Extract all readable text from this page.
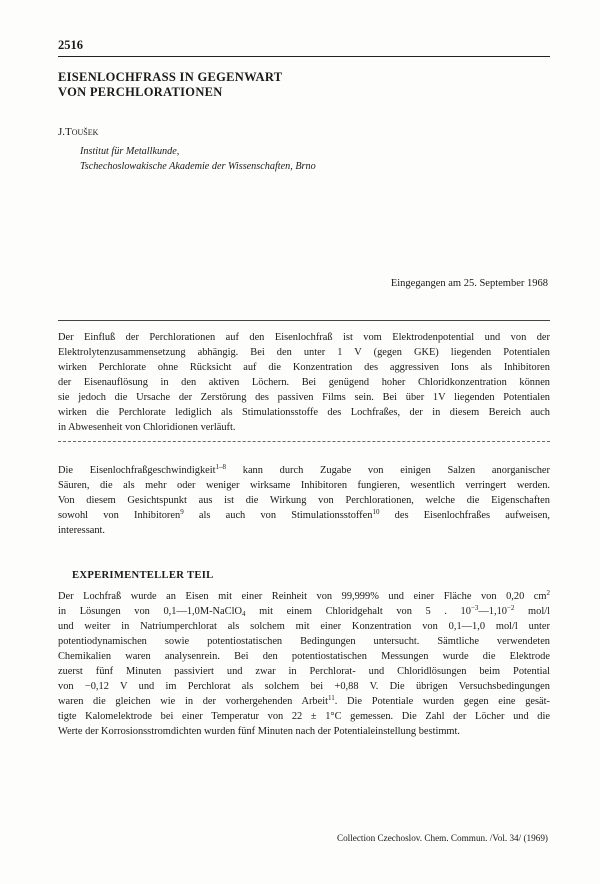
2516
EISENLOCHFRASS IN GEGENWART
VON PERCHLORATIONEN
J.Toušek
Institut für Metallkunde,
Tschechoslowakische Akademie der Wissenschaften, Brno
Eingegangen am 25. September 1968
Der Einfluß der Perchlorationen auf den Eisenlochfraß ist vom Elektrodenpotential und von der
Elektrolytenzusammensetzung abhängig. Bei den unter 1 V (gegen GKE) liegenden Potentialen
wirken Perchlorate ohne Rücksicht auf die Konzentration des aggressiven Ions als Inhibitoren
der Eisenauflösung in den aktiven Löchern. Bei genügend hoher Chloridkonzentration können
sie jedoch die Ursache der Zerstörung des passiven Films sein. Bei über 1V liegenden Potentialen
wirken die Perchlorate lediglich als Stimulationsstoffe des Lochfraßes, der in diesem Bereich auch
in Abwesenheit von Chloridionen verläuft.
Die Eisenlochfraßgeschwindigkeit$^{1-8}$ kann durch Zugabe von einigen Salzen anorganischer
Säuren, die als mehr oder weniger wirksame Inhibitoren fungieren, wesentlich verringert werden.
Von diesem Gesichtspunkt aus ist die Wirkung von Perchlorationen, welche die Eigenschaften
sowohl von Inhibitoren$^9$ als auch von Stimulationsstoffen$^{10}$ des Eisenlochfraßes aufweisen,
interessant.
EXPERIMENTELLER TEIL
Der Lochfraß wurde an Eisen mit einer Reinheit von 99,999% und einer Fläche von 0,20 $cm^2$
in Lösungen von 0,1—1,0M-NaClO$_4$ mit einem Chloridgehalt von 5 . $10^{-3}—1,10^{-2}$ mol/l
und weiter in Natriumperchlorat als solchem mit einer Konzentration von 0,1—1,0 mol/l unter
potentiodynamischen sowie potentiostatischen Bedingungen untersucht. Sämtliche verwendeten
Chemikalien waren analysenrein. Bei den potentiostatischen Messungen wurde die Elektrode
zuerst fünf Minuten passiviert und zwar in Perchlorat- und Chloridlösungen beim Potential
von −0,12 V und im Perchlorat als solchem bei +0,88 V. Die übrigen Versuchsbedingungen
waren die gleichen wie in der vorhergehenden Arbeit$^{11}$. Die Potentiale wurden gegen eine gesät-
tigte Kalomelektrode bei einer Temperatur von 22 ± 1°C gemessen. Die Zahl der Löcher und die
Werte der Korrosionsstromdichten wurden fünf Minuten nach der Potentialeinstellung bestimmt.
Collection Czechoslov. Chem. Commun. /Vol. 34/ (1969)
